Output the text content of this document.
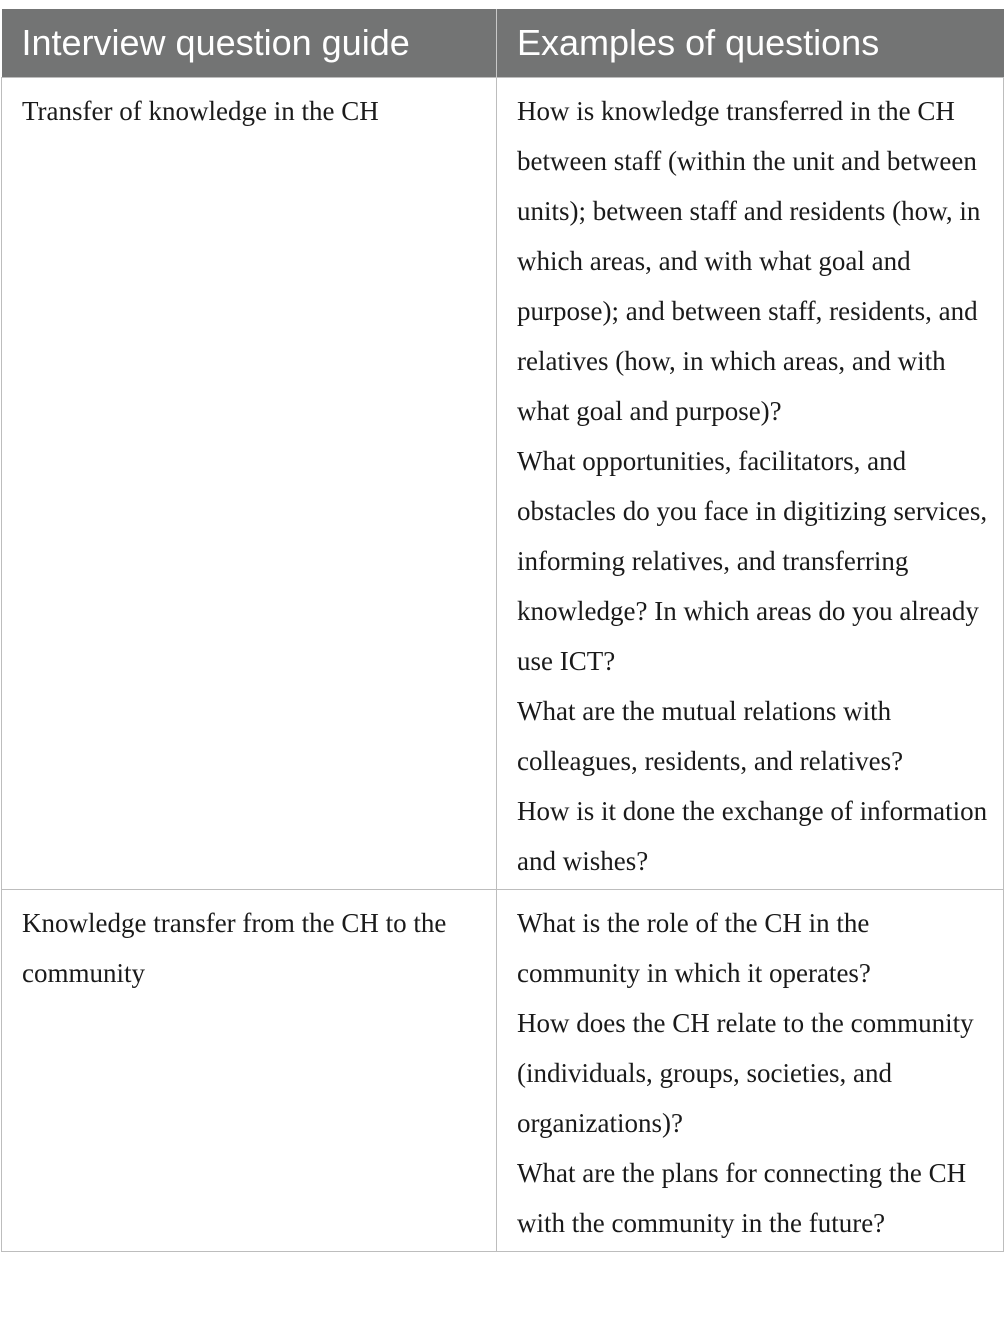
Interview question guide	Examples of questions
Transfer of knowledge in the CH	How is knowledge transferred in the CH between staff (within the unit and between units); between staff and residents (how, in which areas, and with what goal and purpose); and between staff, residents, and relatives (how, in which areas, and with what goal and purpose)?
What opportunities, facilitators, and obstacles do you face in digitizing services, informing relatives, and transferring knowledge? In which areas do you already use ICT?
What are the mutual relations with colleagues, residents, and relatives?
How is it done the exchange of information and wishes?

Knowledge transfer from the CH to the community	What is the role of the CH in the community in which it operates?
How does the CH relate to the community (individuals, groups, societies, and organizations)?
What are the plans for connecting the CH with the community in the future?
